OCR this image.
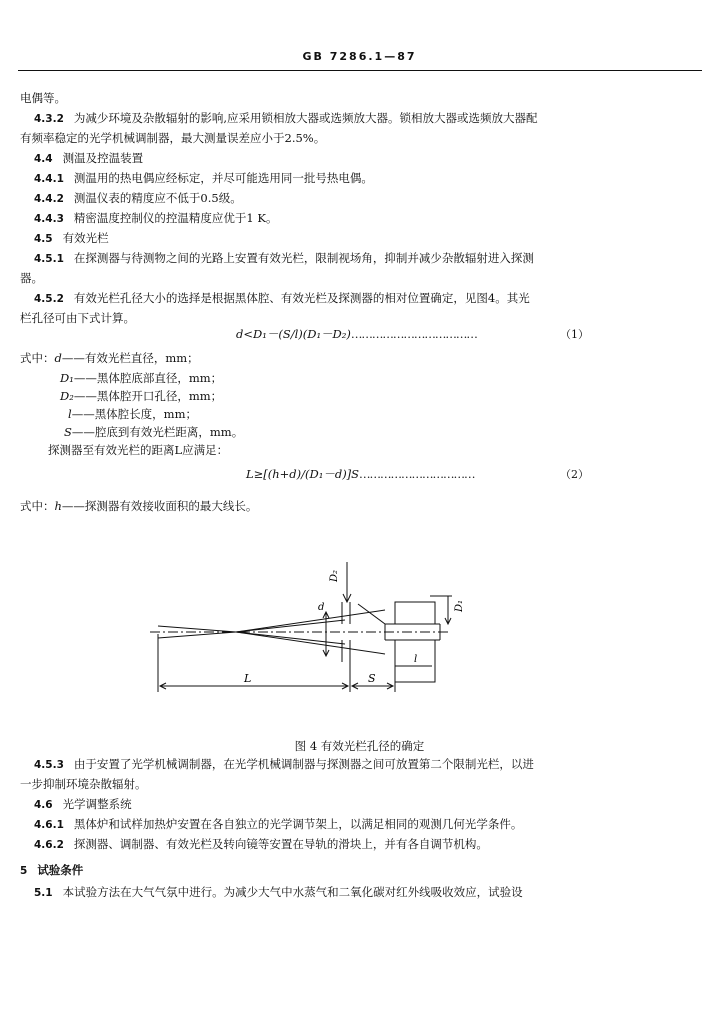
GB 7286.1—87
电偶等。
4.3.2 为减少环境及杂散辐射的影响,应采用锁相放大器或选频放大器。锁相放大器或选频放大器配
有频率稳定的光学机械调制器，最大测量误差应小于2.5%。
4.4 测温及控温装置
4.4.1 测温用的热电偶应经标定，并尽可能选用同一批号热电偶。
4.4.2 测温仪表的精度应不低于0.5级。
4.4.3 精密温度控制仪的控温精度应优于1 K。
4.5 有效光栏
4.5.1 在探测器与待测物之间的光路上安置有效光栏，限制视场角，抑制并减少杂散辐射进入探测
器。
4.5.2 有效光栏孔径大小的选择是根据黑体腔、有效光栏及探测器的相对位置确定，见图4。其光
栏孔径可由下式计算。
d<D₁－(S/l)(D₁－D₂)………………………………	（1）
式中：d——有效光栏直径，mm；
D₁——黑体腔底部直径，mm；
D₂——黑体腔开口孔径，mm；
l——黑体腔长度，mm；
S——腔底到有效光栏距离，mm。
探测器至有效光栏的距离L应满足：
L≥[(h+d)/(D₁－d)]S……………………………	（2）
式中：h——探测器有效接收面积的最大线长。
D₂
D₁
d
L	S
l
图 4 有效光栏孔径的确定
4.5.3 由于安置了光学机械调制器，在光学机械调制器与探测器之间可放置第二个限制光栏，以进
一步抑制环境杂散辐射。
4.6 光学调整系统
4.6.1 黑体炉和试样加热炉安置在各自独立的光学调节架上，以满足相同的观测几何光学条件。
4.6.2 探测器、调制器、有效光栏及转向镜等安置在导轨的滑块上，并有各自调节机构。
5 试验条件
5.1 本试验方法在大气气氛中进行。为减少大气中水蒸气和二氧化碳对红外线吸收效应，试验设
